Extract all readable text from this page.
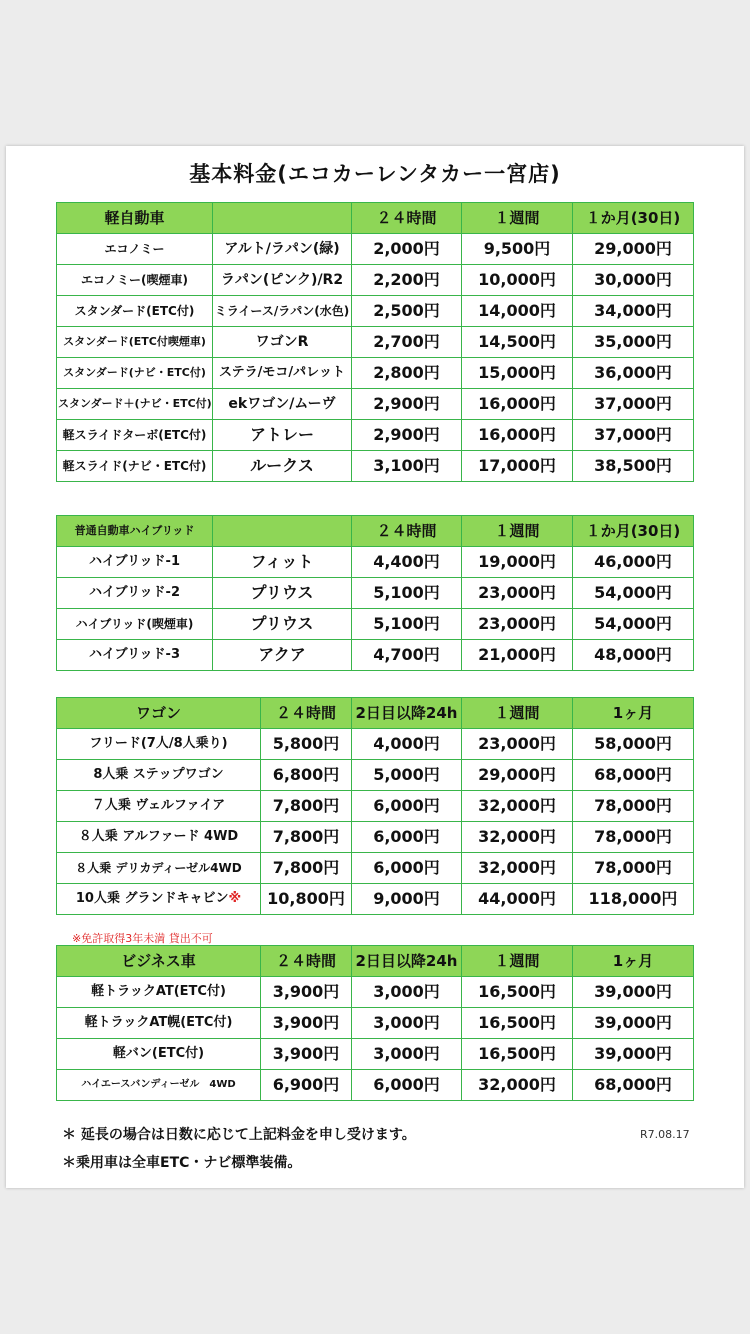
基本料金(エコカーレンタカー一宮店)
軽自動車		２４時間	１週間	１か月(30日)
エコノミー	アルト/ラパン(緑)	2,000円	9,500円	29,000円
エコノミー(喫煙車)	ラパン(ピンク)/R2	2,200円	10,000円	30,000円
スタンダード(ETC付)	ミライース/ラパン(水色)	2,500円	14,000円	34,000円
スタンダード(ETC付喫煙車)	ワゴンR	2,700円	14,500円	35,000円
スタンダード(ナビ・ETC付)	ステラ/モコ/パレット	2,800円	15,000円	36,000円
スタンダード＋(ナビ・ETC付)	ekワゴン/ムーヴ	2,900円	16,000円	37,000円
軽スライドターボ(ETC付)	アトレー	2,900円	16,000円	37,000円
軽スライド(ナビ・ETC付)	ルークス	3,100円	17,000円	38,500円
普通自動車ハイブリッド		２４時間	１週間	１か月(30日)
ハイブリッド-1	フィット	4,400円	19,000円	46,000円
ハイブリッド-2	プリウス	5,100円	23,000円	54,000円
ハイブリッド(喫煙車)	プリウス	5,100円	23,000円	54,000円
ハイブリッド-3	アクア	4,700円	21,000円	48,000円
ワゴン	２４時間	2日目以降24h	１週間	1ヶ月
フリード(7人/8人乗り)	5,800円	4,000円	23,000円	58,000円
8人乗 ステップワゴン	6,800円	5,000円	29,000円	68,000円
７人乗 ヴェルファイア	7,800円	6,000円	32,000円	78,000円
８人乗 アルファード 4WD	7,800円	6,000円	32,000円	78,000円
８人乗 デリカディーゼル4WD	7,800円	6,000円	32,000円	78,000円
10人乗 グランドキャビン※	10,800円	9,000円	44,000円	118,000円
※免許取得3年未満 貸出不可
ビジネス車	２４時間	2日目以降24h	１週間	1ヶ月
軽トラックAT(ETC付)	3,900円	3,000円	16,500円	39,000円
軽トラックAT幌(ETC付)	3,900円	3,000円	16,500円	39,000円
軽バン(ETC付)	3,900円	3,000円	16,500円	39,000円
ハイエースバンディーゼル　4WD	6,900円	6,000円	32,000円	68,000円
＊ 延長の場合は日数に応じて上記料金を申し受けます。
＊乗用車は全車ETC・ナビ標準装備。
R7.08.17
